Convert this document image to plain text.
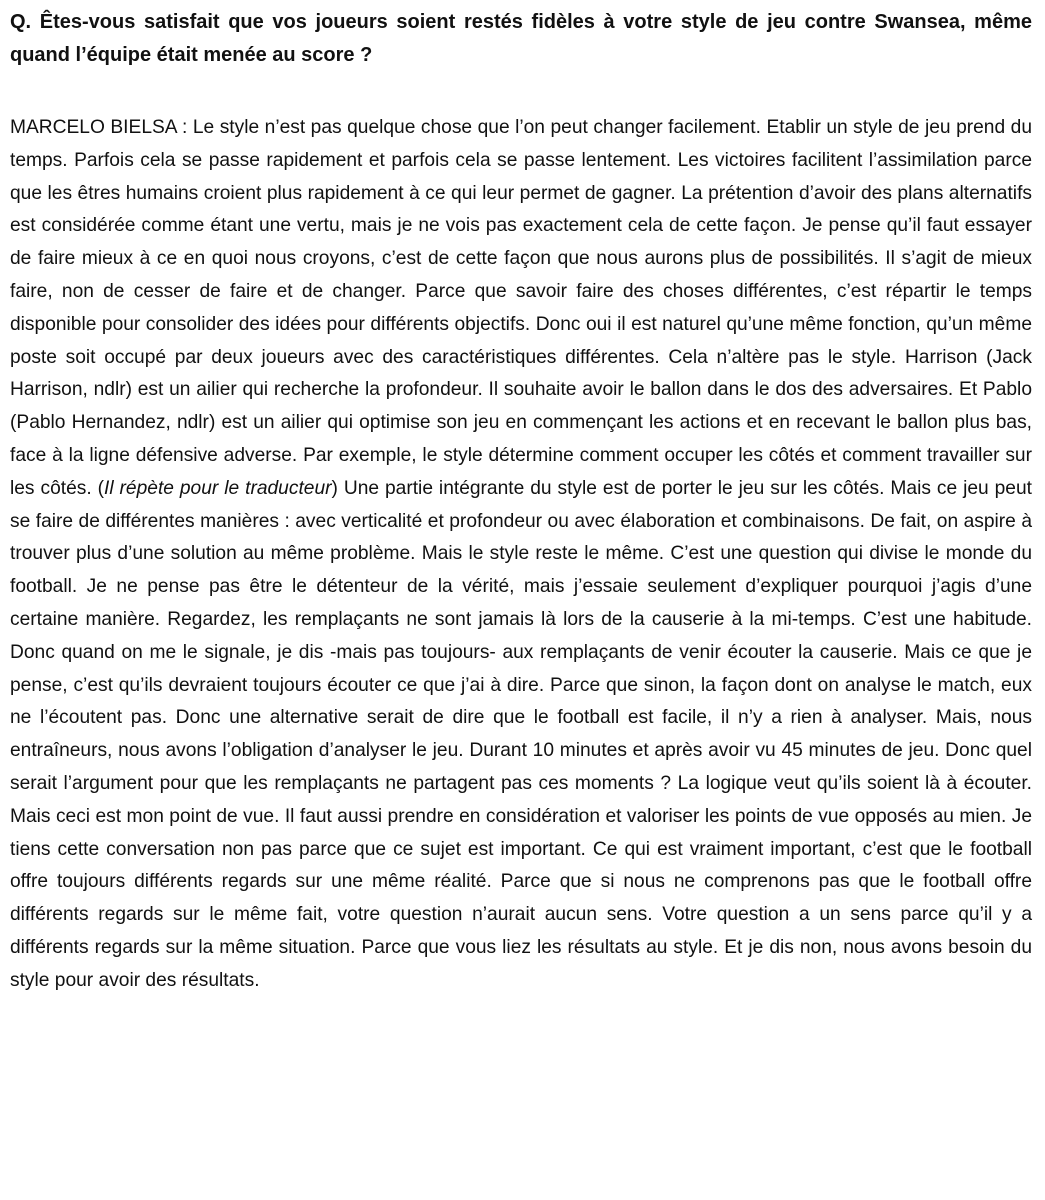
Q. Êtes-vous satisfait que vos joueurs soient restés fidèles à votre style de jeu contre Swansea, même quand l’équipe était menée au score ?

MARCELO BIELSA : Le style n’est pas quelque chose que l’on peut changer facilement. Etablir un style de jeu prend du temps. Parfois cela se passe rapidement et parfois cela se passe lentement. Les victoires facilitent l’assimilation parce que les êtres humains croient plus rapidement à ce qui leur permet de gagner. La prétention d’avoir des plans alternatifs est considérée comme étant une vertu, mais je ne vois pas exactement cela de cette façon. Je pense qu’il faut essayer de faire mieux à ce en quoi nous croyons, c’est de cette façon que nous aurons plus de possibilités. Il s’agit de mieux faire, non de cesser de faire et de changer. Parce que savoir faire des choses différentes, c’est répartir le temps disponible pour consolider des idées pour différents objectifs. Donc oui il est naturel qu’une même fonction, qu’un même poste soit occupé par deux joueurs avec des caractéristiques différentes. Cela n’altère pas le style. Harrison (Jack Harrison, ndlr) est un ailier qui recherche la profondeur. Il souhaite avoir le ballon dans le dos des adversaires. Et Pablo (Pablo Hernandez, ndlr) est un ailier qui optimise son jeu en commençant les actions et en recevant le ballon plus bas, face à la ligne défensive adverse. Par exemple, le style détermine comment occuper les côtés et comment travailler sur les côtés. (Il répète pour le traducteur) Une partie intégrante du style est de porter le jeu sur les côtés. Mais ce jeu peut se faire de différentes manières : avec verticalité et profondeur ou avec élaboration et combinaisons. De fait, on aspire à trouver plus d’une solution au même problème. Mais le style reste le même. C’est une question qui divise le monde du football. Je ne pense pas être le détenteur de la vérité, mais j’essaie seulement d’expliquer pourquoi j’agis d’une certaine manière. Regardez, les remplaçants ne sont jamais là lors de la causerie à la mi-temps. C’est une habitude. Donc quand on me le signale, je dis -mais pas toujours- aux remplaçants de venir écouter la causerie. Mais ce que je pense, c’est qu’ils devraient toujours écouter ce que j’ai à dire. Parce que sinon, la façon dont on analyse le match, eux ne l’écoutent pas. Donc une alternative serait de dire que le football est facile, il n’y a rien à analyser. Mais, nous entraîneurs, nous avons l’obligation d’analyser le jeu. Durant 10 minutes et après avoir vu 45 minutes de jeu. Donc quel serait l’argument pour que les remplaçants ne partagent pas ces moments ? La logique veut qu’ils soient là à écouter. Mais ceci est mon point de vue. Il faut aussi prendre en considération et valoriser les points de vue opposés au mien. Je tiens cette conversation non pas parce que ce sujet est important. Ce qui est vraiment important, c’est que le football offre toujours différents regards sur une même réalité. Parce que si nous ne comprenons pas que le football offre différents regards sur le même fait, votre question n’aurait aucun sens. Votre question a un sens parce qu’il y a différents regards sur la même situation. Parce que vous liez les résultats au style. Et je dis non, nous avons besoin du style pour avoir des résultats.
